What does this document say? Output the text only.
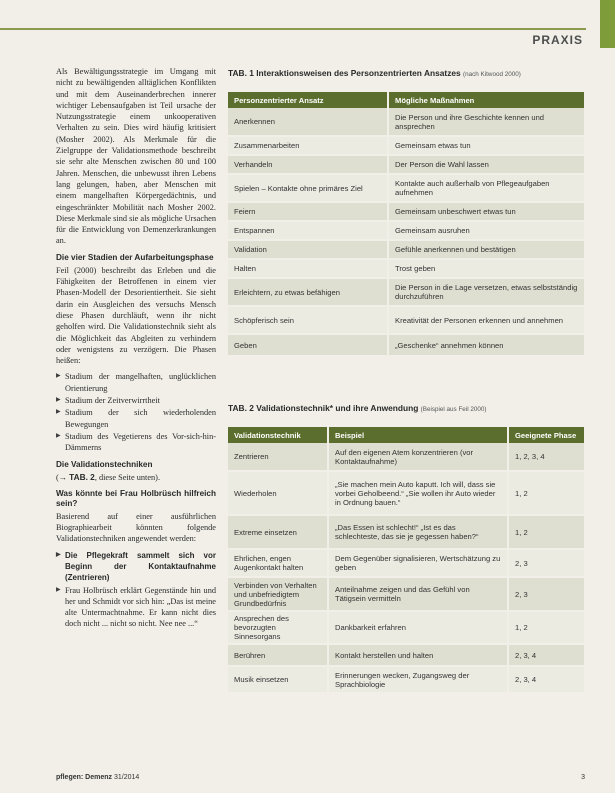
PRAXIS

Als Bewältigungsstrategie im Umgang mit nicht zu bewältigenden alltäglichen Konflikten und mit dem Auseinanderbrechen innerer wichtiger Lebensaufgaben ist Teil ursache der Nutzungsstrategie einem unkooperativen Verhalten zu sein. Dies wird häufig kritisiert (Mosher 2002). Als Merkmale für die Zielgruppe der Validationsmethode beschreibt sie sehr alte Menschen zwischen 80 und 100 Jahren. Menschen, die unbewusst ihren Lebens lang gelungen, haben, aber Menschen mit einem mangelhaften Körpergedächtnis, und eingeschränkter Mobilität nach Mosher 2002. Diese Merkmale sind sie als mögliche Ursachen für die Entwicklung von Demenzerkrankungen an.

Die vier Stadien der Aufarbeitungsphase

Feil (2000) beschreibt das Erleben und die Fähigkeiten der Betroffenen in einem vier Phasen-Modell der Desorientiertheit. Sie sieht darin ein Ausgleichen des versuchs Mensch diese Phasen durchläuft, wenn ihr nicht geholfen wird. Die Validationstechnik sieht als die Möglichkeit das Abgleiten zu verhindern oder wenigstens zu verzögern. Die Phasen heißen:

▶ Stadium der mangelhaften, unglücklichen Orientierung
▶ Stadium der Zeitverwirrtheit
▶ Stadium der sich wiederholenden Bewegungen
▶ Stadium des Vegetierens des Vor-sich-hin-Dämmerns
Die Validationstechniken

(→ TAB. 2, diese Seite unten).

Was könnte bei Frau Holbrüsch hilfreich sein?

Basierend auf einer ausführlichen Biographiearbeit könnten folgende Validationstechniken angewendet werden:

▶ Die Pflegekraft sammelt sich vor Beginn der Kontaktaufnahme (Zentrieren)
▶ Frau Holbrüsch erklärt Gegenstände hin und her und Schmidt vor sich hin: „Das ist meine alte Untermachtnahme. Er kann nicht dies doch nicht ... nicht so nicht. Nee nee ...“
TAB. 1 Interaktionsweisen des Personzentrierten Ansatzes (nach Kitwood 2000)
Personzentrierter Ansatz	Mögliche Maßnahmen
Anerkennen	Die Person und ihre Geschichte kennen und ansprechen
Zusammenarbeiten	Gemeinsam etwas tun
Verhandeln	Der Person die Wahl lassen
Spielen – Kontakte ohne primäres Ziel	Kontakte auch außerhalb von Pflegeaufgaben aufnehmen
Feiern	Gemeinsam unbeschwert etwas tun
Entspannen	Gemeinsam ausruhen
Validation	Gefühle anerkennen und bestätigen
Halten	Trost geben
Erleichtern, zu etwas befähigen	Die Person in die Lage versetzen, etwas selbstständig durchzuführen
Schöpferisch sein	Kreativität der Personen erkennen und annehmen
Geben	„Geschenke“ annehmen können
TAB. 2 Validationstechnik* und ihre Anwendung (Beispiel aus Feil 2000)
Validationstechnik	Beispiel	Geeignete Phase
Zentrieren	Auf den eigenen Atem konzentrieren (vor Kontaktaufnahme)	1, 2, 3, 4
Wiederholen	„Sie machen mein Auto kaputt. Ich will, dass sie vorbei Geholbeend.“ „Sie wollen ihr Auto wieder in Ordnung bauen.“	1, 2
Extreme einsetzen	„Das Essen ist schlecht!“ „Ist es das schlechteste, das sie je gegessen haben?“	1, 2
Ehrlichen, engen Augenkontakt halten	Dem Gegenüber signalisieren, Wertschätzung zu geben	2, 3
Verbinden von Verhalten und unbefriedigtem Grundbedürfnis	Anteilnahme zeigen und das Gefühl von Tätigsein vermitteln	2, 3
Ansprechen des bevorzugten Sinnesorgans	Dankbarkeit erfahren	1, 2
Berühren	Kontakt herstellen und halten	2, 3, 4
Musik einsetzen	Erinnerungen wecken, Zugangsweg der Sprachbiologie	2, 3, 4
pflegen: Demenz 31/2014	3
